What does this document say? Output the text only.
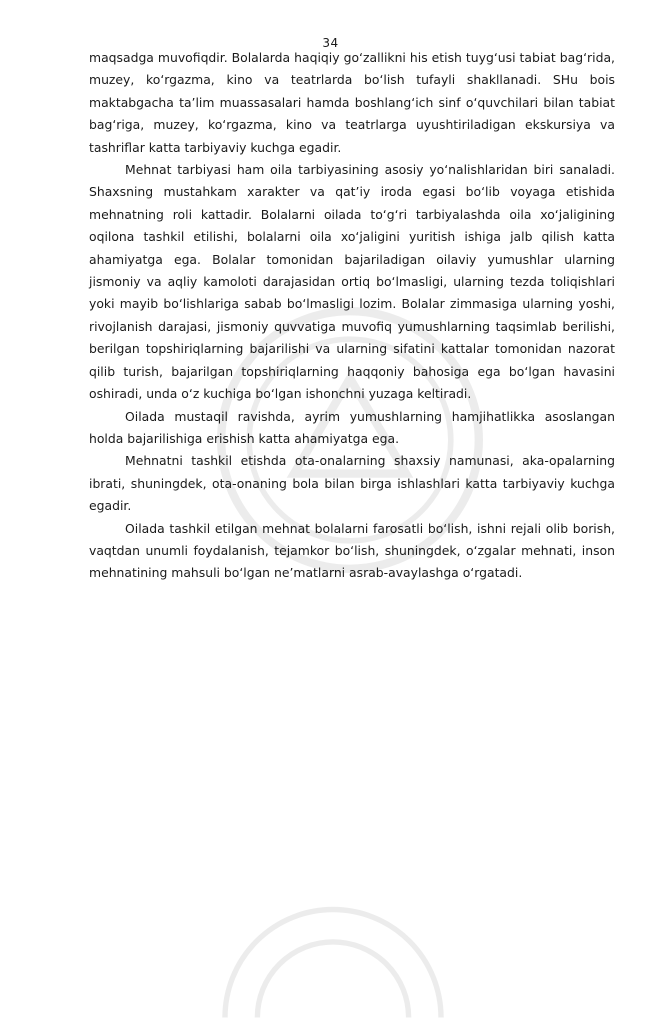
34

maqsadga muvofiqdir. Bolalarda haqiqiy go‘zallikni his etish tuyg‘usi tabiat bag‘rida, muzey, ko‘rgazma, kino va teatrlarda bo‘lish tufayli shakllanadi. SHu bois maktabgacha ta’lim muassasalari hamda boshlang‘ich sinf o‘quvchilari bilan tabiat bag‘riga, muzey, ko‘rgazma, kino va teatrlarga uyushtiriladigan ekskursiya va tashriflar katta tarbiyaviy kuchga egadir.

Mehnat tarbiyasi ham oila tarbiyasining asosiy yo‘nalishlaridan biri sanaladi. Shaxsning mustahkam xarakter va qat’iy iroda egasi bo‘lib voyaga etishida mehnatning roli kattadir. Bolalarni oilada to‘g‘ri tarbiyalashda oila xo‘jaligining oqilona tashkil etilishi, bolalarni oila xo‘jaligini yuritish ishiga jalb qilish katta ahamiyatga ega. Bolalar tomonidan bajariladigan oilaviy yumushlar ularning jismoniy va aqliy kamoloti darajasidan ortiq bo‘lmasligi, ularning tezda toliqishlari yoki mayib bo‘lishlariga sabab bo‘lmasligi lozim. Bolalar zimmasiga ularning yoshi, rivojlanish darajasi, jismoniy quvvatiga muvofiq yumushlarning taqsimlab berilishi, berilgan topshiriqlarning bajarilishi va ularning sifatini kattalar tomonidan nazorat qilib turish, bajarilgan topshiriqlarning haqqoniy bahosiga ega bo‘lgan havasini oshiradi, unda o‘z kuchiga bo‘lgan ishonchni yuzaga keltiradi.

Oilada mustaqil ravishda, ayrim yumushlarning hamjihatlikka asoslangan holda bajarilishiga erishish katta ahamiyatga ega.

Mehnatni tashkil etishda ota-onalarning shaxsiy namunasi, aka-opalarning ibrati, shuningdek, ota-onaning bola bilan birga ishlashlari katta tarbiyaviy kuchga egadir.

Oilada tashkil etilgan mehnat bolalarni farosatli bo‘lish, ishni rejali olib borish, vaqtdan unumli foydalanish, tejamkor bo‘lish, shuningdek, o‘zgalar mehnati, inson mehnatining mahsuli bo‘lgan ne’matlarni asrab-avaylashga o‘rgatadi.
